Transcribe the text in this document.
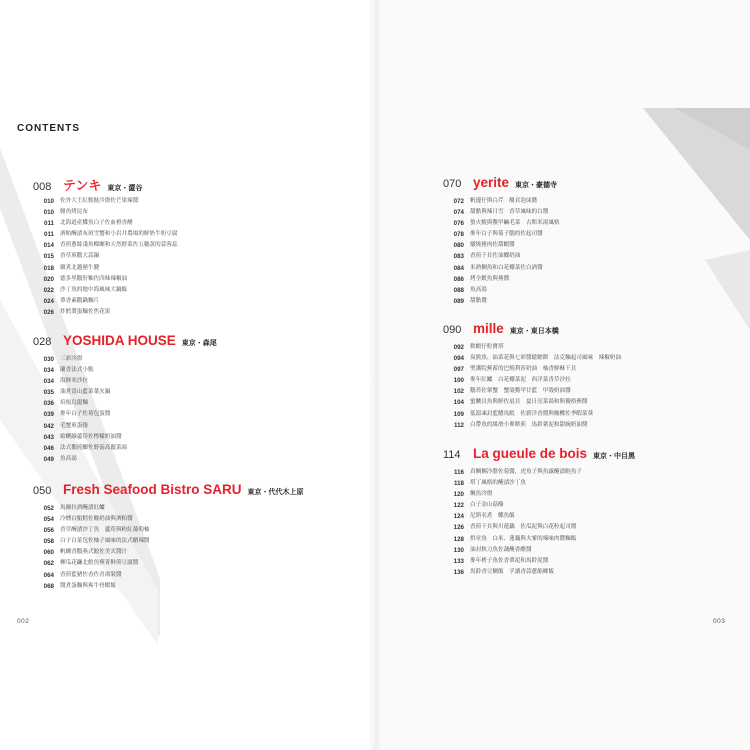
CONTENTS
008 テンキ 東京・澀谷
010	佐外大王紅點鮭冷盤佐芒果辣醬
010	鯡魚烤昆布
011	北海道產鰈魚白子佐血橙香醋
011	酒粕醃漬灰斑雪蟹和小岩井農場的鮮奶牛奶豆腐
014	香煎蔥絲淺角蠑螺和天然野菜佐五穗黃的蒜蓉蕊
015	香草煎鵝大蒜鍋
018	燉煮北越豬牛腱
020	德多里鵝肝釉佐四味辣椒油
022	沙丁魚的地中海風味大鍋飯
024	蕈香素鵝鍋麵片
026	炸鱈製蛋麵佐焦花果
028 YOSHIDA HOUSE 東京・森尾
030	三彩冷盤
034	蘭香法式小點
034	海鮮米沙拉
035	油煮當山藍菜葉火鍋
036	培根烏龍麵
039	麥年白子佐荷包蛋醬
042	毛蟹煎蛋捲
043	蛤蜊綠蘆筍佐檸檬奶油醬
046	法式鵝煎鯽佐野菇高麗菜湯
049	魚高湯
050 Fresh Seafood Bistro SARU 東京・代代木上原
052	馬爾拉酒醃漬紅鱸
054	冷燻白鯧鱈佐酸奶油與酒粕醬
056	香草醃漬沙丁魚　蘆荀與粉紅葡萄柚
058	白子白菜包佐柚子風味的法式醋辣醬
060	帆螺香鵝燕式鮫佐美式醬汁
062	柳瓜花鐮北鮫魚蕪菁鮮煎豆腐醬
064	香煎藍豬佐香佐青湯裝醬
068	醬煮蛋麵與爽牛骨蝦飯
002
070 yerite 東京・豪德寺
072	帆邊仔與白芹　酪頁泡沫醬
074	甜點與辣日雪　香草風味的白醬
076	螢火魷與鱉甲鹹毛菜　古斯米湯風格
078	麥年白子與菊子腦的佐起司醬
080	燉燒豬肉佐甜蝦醬
083	香煎千貝佐油鰈奶油
084	米熟鯛魚和白花椰菜佐白酒醬
086	烤全鍍魚與蕪醬
088	魚高湯
089	甜點醬
090 mille 東京・東日本橋
092	軟蝦仔粒寶塔
094	炭熊魚、油菜花與七彩醬鬆鰓餅　法克麵起司風味　辣椒奶油
097	聖護院蕪蓄的巴燒利莎奶油　柚香鮮酥干貝
100	麥年紅鱸　白花椰菜泥　西洋菜香草沙拉
102	鵝苔佐葷蟹　蟹殼鱉甲甘藍　甲殼奶油醬
104	蜜釀貝魚與鮮佐扇貝　夏日亮菜湯和與優格蕪醬
109	低溫凍封藍鰭馬鮫　佐薪洋香醬與橄欖佐季暇菜葵
112	白帶魚的絲滑小麥餅煎　馬鈴薯泥和甜豌奶油醬
114 La gueule de bois 東京・中目黑
116	真鯛鯛冷盤佐菊醬，虎魚子與魚露醃漬鮭魚子
118	塔丁風格的醃漬沙丁魚
120	鯛魚冷盤
122	白子金山菇酪
124	尼斯名煮　鰈魚飯
126	香煎干貝與川蓮藕　佐瓜泥與白花粒起司醬
128	烘章魚　白米、蓮藕與夫爹的辣味肉醬麵飯
130	油封秋刀魚佐蔬醃香醋醬
133	麥年楂子魚佐香蕈泥和馬鈴泥醬
136	馬鈴香豆鯛飯　孚讀香蒜蔥餡鄉飯
003
